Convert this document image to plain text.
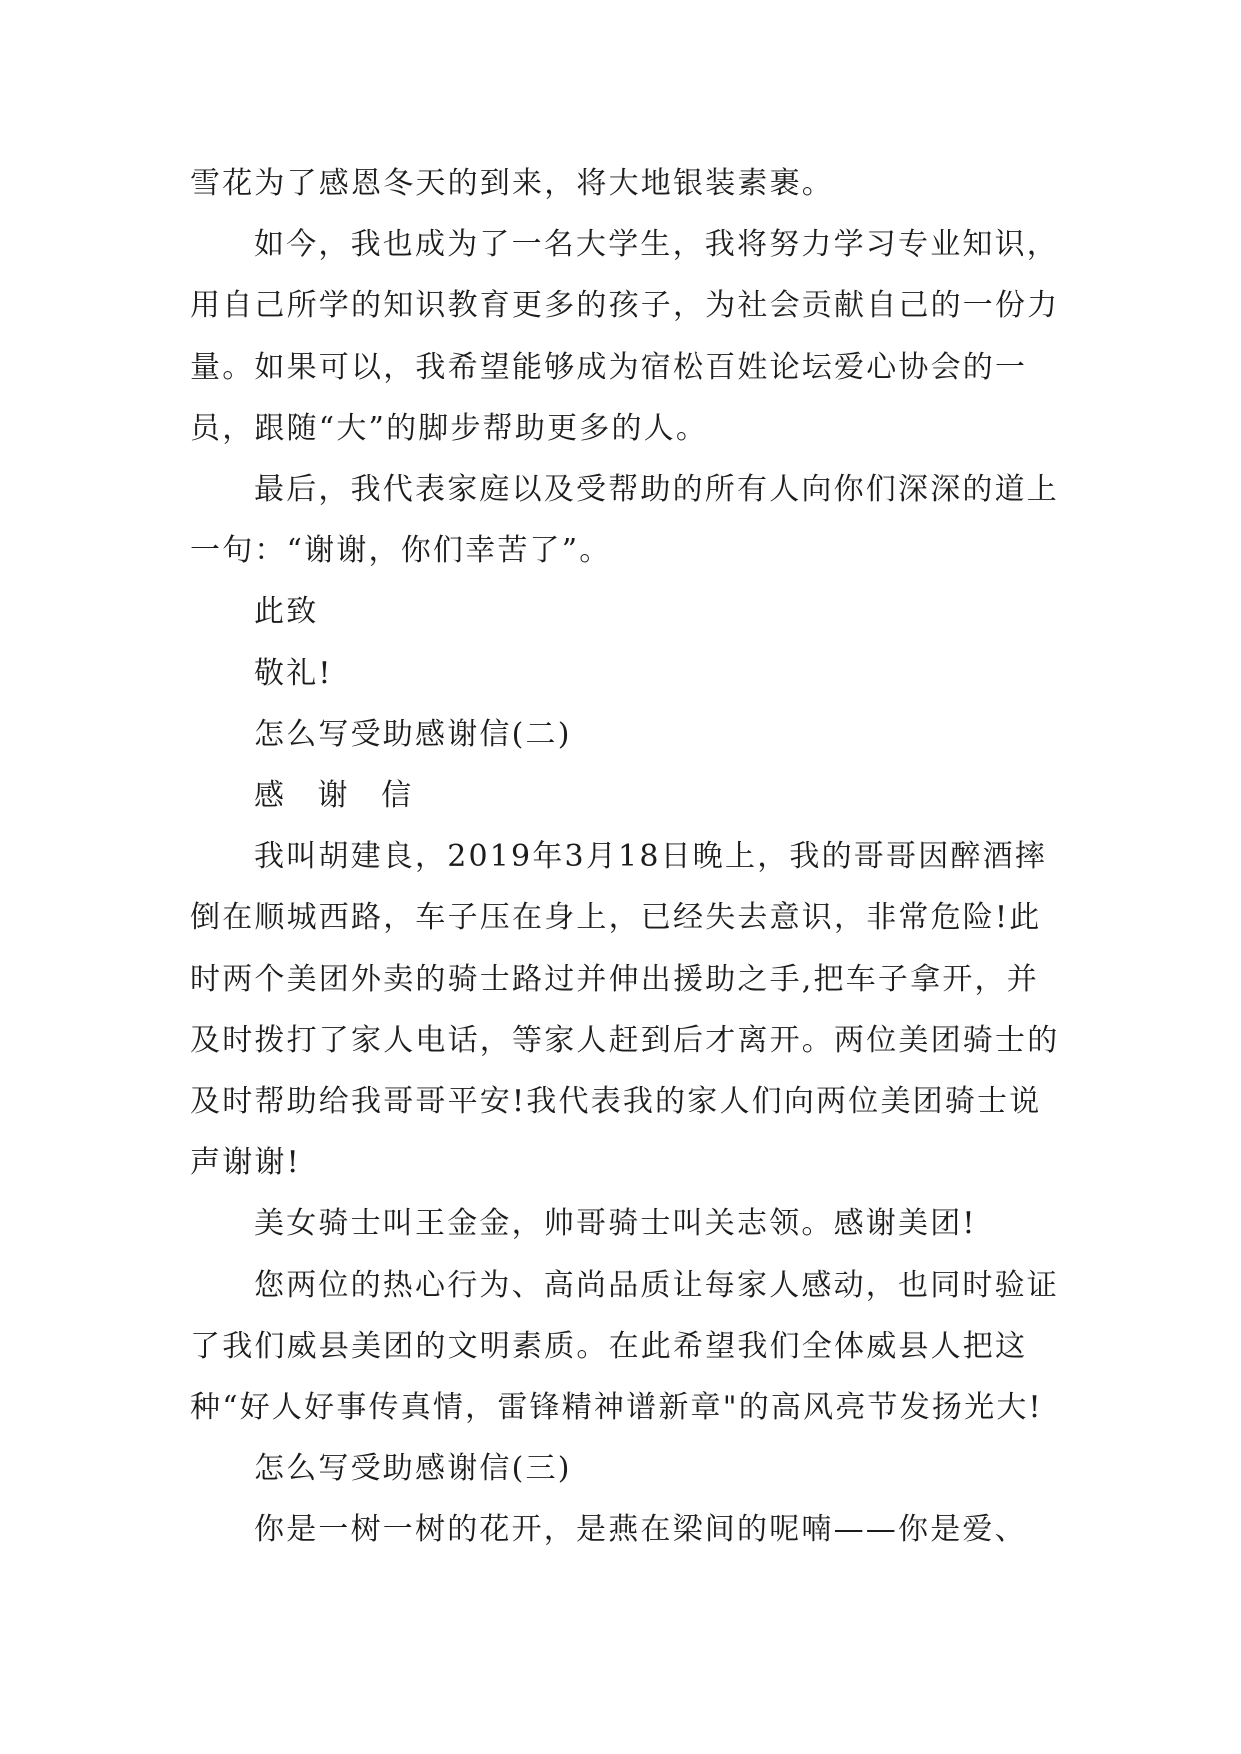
雪花为了感恩冬天的到来，将大地银装素裹。

如今，我也成为了一名大学生，我将努力学习专业知识，用自己所学的知识教育更多的孩子，为社会贡献自己的一份力量。如果可以，我希望能够成为宿松百姓论坛爱心协会的一员，跟随“大”的脚步帮助更多的人。

最后，我代表家庭以及受帮助的所有人向你们深深的道上一句：“谢谢，你们幸苦了”。

此致

敬礼!

怎么写受助感谢信(二)

感 谢 信

我叫胡建良，2019年3月18日晚上，我的哥哥因醉酒摔倒在顺城西路，车子压在身上，已经失去意识，非常危险!此时两个美团外卖的骑士路过并伸出援助之手,把车子拿开，并及时拨打了家人电话，等家人赶到后才离开。两位美团骑士的及时帮助给我哥哥平安!我代表我的家人们向两位美团骑士说声谢谢!

美女骑士叫王金金，帅哥骑士叫关志领。感谢美团!

您两位的热心行为、高尚品质让每家人感动，也同时验证了我们威县美团的文明素质。在此希望我们全体威县人把这种“好人好事传真情，雷锋精神谱新章"的高风亮节发扬光大!

怎么写受助感谢信(三)

你是一树一树的花开，是燕在梁间的呢喃——你是爱、
